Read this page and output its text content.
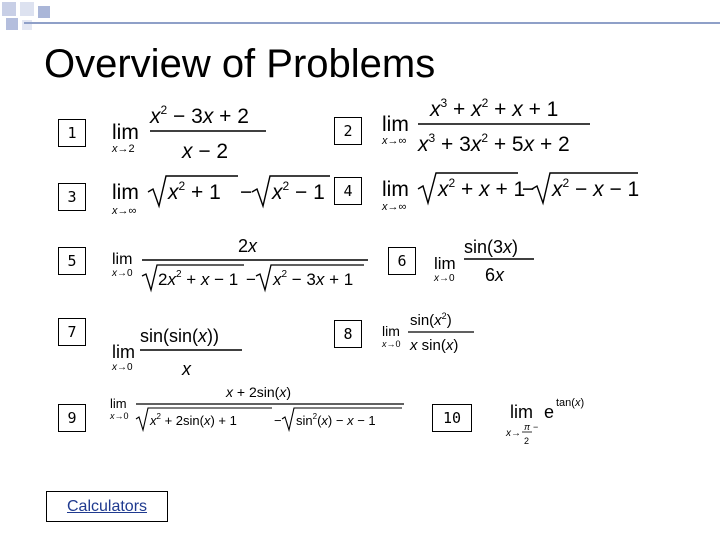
Overview of Problems
1	2
3	4
5	6
7	8
9	10
lim
x→2
$x^2 - 3x + 2$
x − 2
lim
x→∞
$x^3 + x^2 + x + 1$
$x^3 + 3x^2 + 5x + 2$
lim
x→∞
$x^2 + 1 - x^2 - 1$	lim
x→∞
$x^2 + x + 1$
− $x^2 - x - 1$
lim
x→0
2x
$2x^2 + x - 1 - x^2 - 3x + 1$
lim
x→0
sin(3x)
6x
lim
x→0
sin(sin(x))
x
lim
x→0
$\sin(x^2)$
x sin(x)
lim
x→0
x + 2sin(x)
$x^2 + 2\sin(x) + 1$	− $\sin^2(x) - x - 1$	lim e tan(x)
x→
π
2
−
Calculators
